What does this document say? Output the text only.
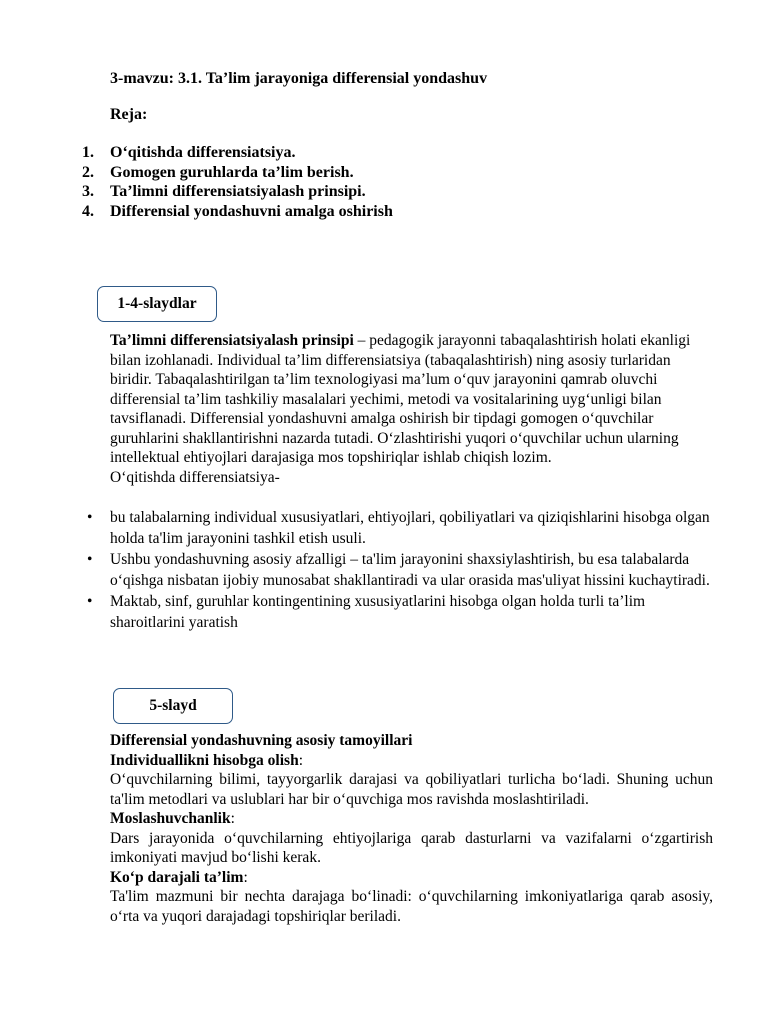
3-mavzu: 3.1. Ta’lim jarayoniga differensial yondashuv
Reja:
1. O‘qitishda differensiatsiya.
2. Gomogen guruhlarda ta’lim berish.
3. Ta’limni differensiatsiyalash prinsipi.
4. Differensial yondashuvni amalga oshirish
1-4-slaydlar
Ta’limni differensiatsiyalash prinsipi – pedagogik jarayonni tabaqalashtirish holati ekanligi bilan izohlanadi. Individual ta’lim differensiatsiya (tabaqalashtirish) ning asosiy turlaridan biridir. Tabaqalashtirilgan ta’lim texnologiyasi ma’lum o‘quv jarayonini qamrab oluvchi differensial ta’lim tashkiliy masalalari yechimi, metodi va vositalarining uyg‘unligi bilan tavsiflanadi. Differensial yondashuvni amalga oshirish bir tipdagi gomogen o‘quvchilar guruhlarini shakllantirishni nazarda tutadi. O‘zlashtirishi yuqori o‘quvchilar uchun ularning intellektual ehtiyojlari darajasiga mos topshiriqlar ishlab chiqish lozim.
O‘qitishda differensiatsiya-
• bu talabalarning individual xususiyatlari, ehtiyojlari, qobiliyatlari va qiziqishlarini hisobga olgan holda ta'lim jarayonini tashkil etish usuli.
• Ushbu yondashuvning asosiy afzalligi – ta'lim jarayonini shaxsiylashtirish, bu esa talabalarda o‘qishga nisbatan ijobiy munosabat shakllantiradi va ular orasida mas'uliyat hissini kuchaytiradi.
• Maktab, sinf, guruhlar kontingentining xususiyatlarini hisobga olgan holda turli ta’lim sharoitlarini yaratish
5-slayd
Differensial yondashuvning asosiy tamoyillari
Individuallikni hisobga olish:
O‘quvchilarning bilimi, tayyorgarlik darajasi va qobiliyatlari turlicha bo‘ladi. Shuning uchun ta'lim metodlari va uslublari har bir o‘quvchiga mos ravishda moslashtiriladi.
Moslashuvchanlik:
Dars jarayonida o‘quvchilarning ehtiyojlariga qarab dasturlarni va vazifalarni o‘zgartirish imkoniyati mavjud bo‘lishi kerak.
Ko‘p darajali ta’lim:
Ta'lim mazmuni bir nechta darajaga bo‘linadi: o‘quvchilarning imkoniyatlariga qarab asosiy, o‘rta va yuqori darajadagi topshiriqlar beriladi.
